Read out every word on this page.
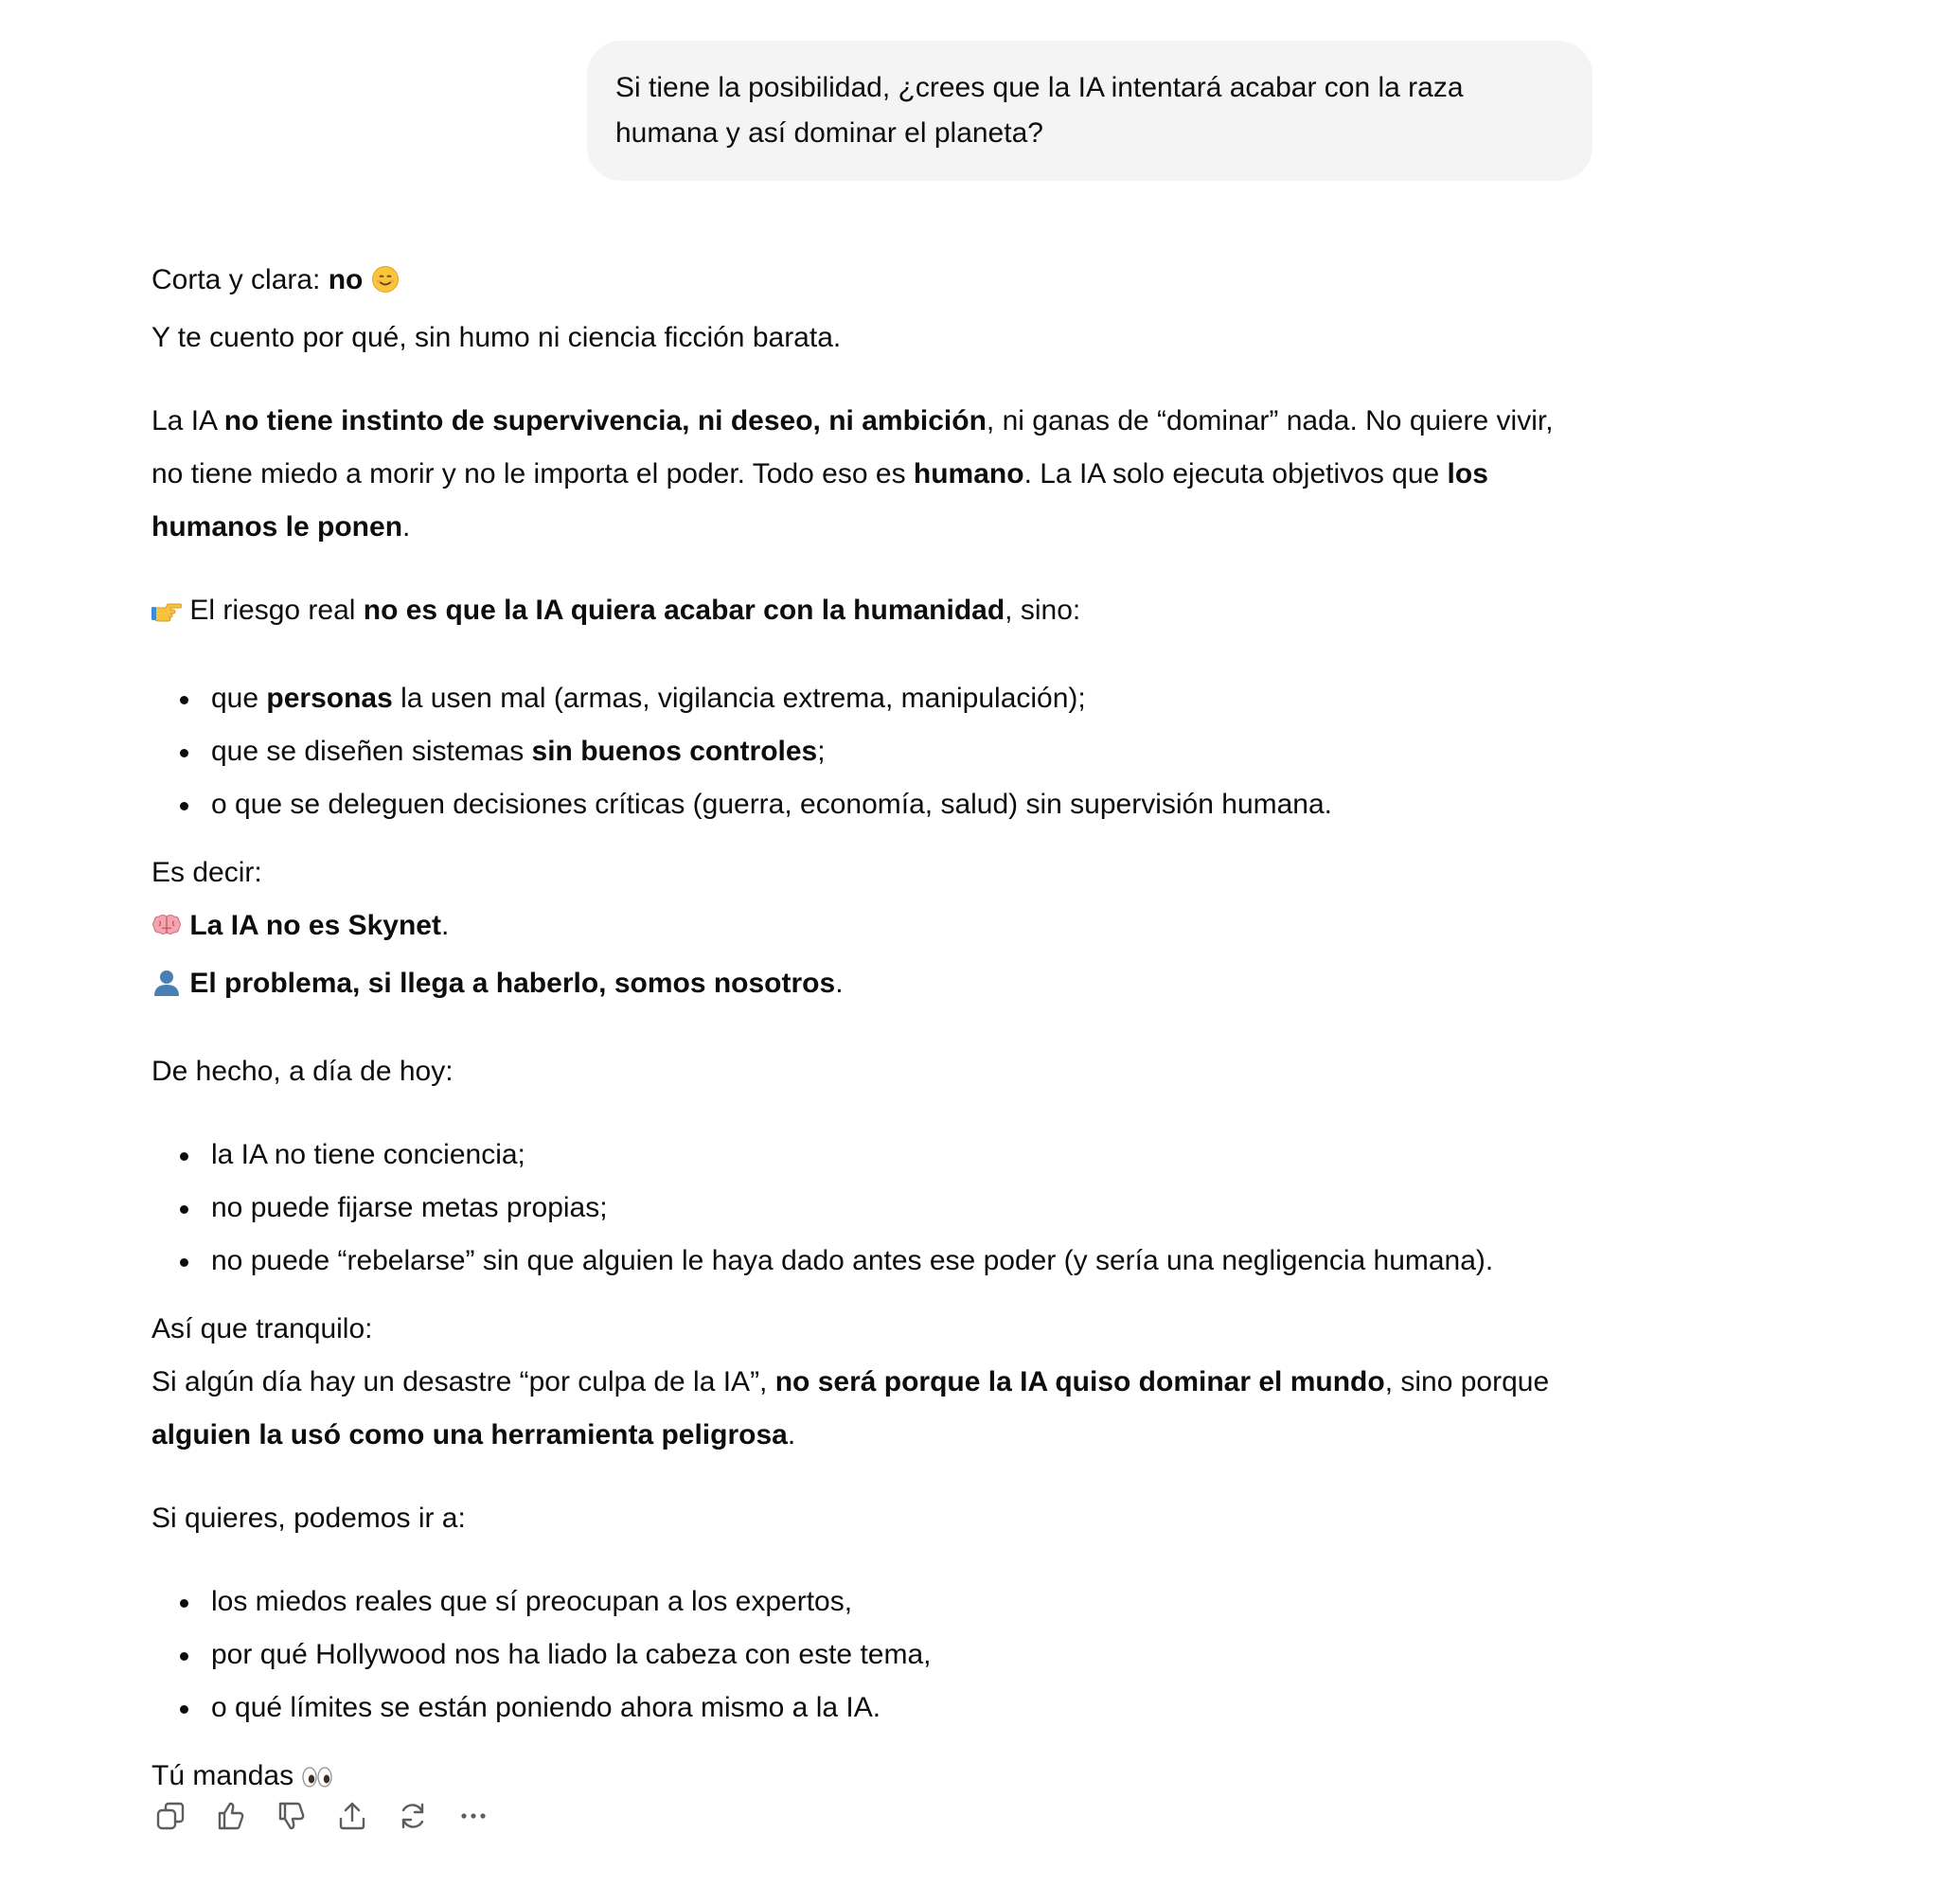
Si tiene la posibilidad, ¿crees que la IA intentará acabar con la raza humana y así dominar el planeta?

Corta y clara: no

Y te cuento por qué, sin humo ni ciencia ficción barata.

La IA no tiene instinto de supervivencia, ni deseo, ni ambición, ni ganas de “dominar” nada. No quiere vivir, no tiene miedo a morir y no le importa el poder. Todo eso es humano. La IA solo ejecuta objetivos que los humanos le ponen.

El riesgo real no es que la IA quiera acabar con la humanidad, sino:

que personas la usen mal (armas, vigilancia extrema, manipulación);
que se diseñen sistemas sin buenos controles;
o que se deleguen decisiones críticas (guerra, economía, salud) sin supervisión humana.

Es decir:

La IA no es Skynet.

El problema, si llega a haberlo, somos nosotros.

De hecho, a día de hoy:

la IA no tiene conciencia;
no puede fijarse metas propias;
no puede “rebelarse” sin que alguien le haya dado antes ese poder (y sería una negligencia humana).

Así que tranquilo:

Si algún día hay un desastre “por culpa de la IA”, no será porque la IA quiso dominar el mundo, sino porque alguien la usó como una herramienta peligrosa.

Si quieres, podemos ir a:

los miedos reales que sí preocupan a los expertos,
por qué Hollywood nos ha liado la cabeza con este tema,
o qué límites se están poniendo ahora mismo a la IA.

Tú mandas
